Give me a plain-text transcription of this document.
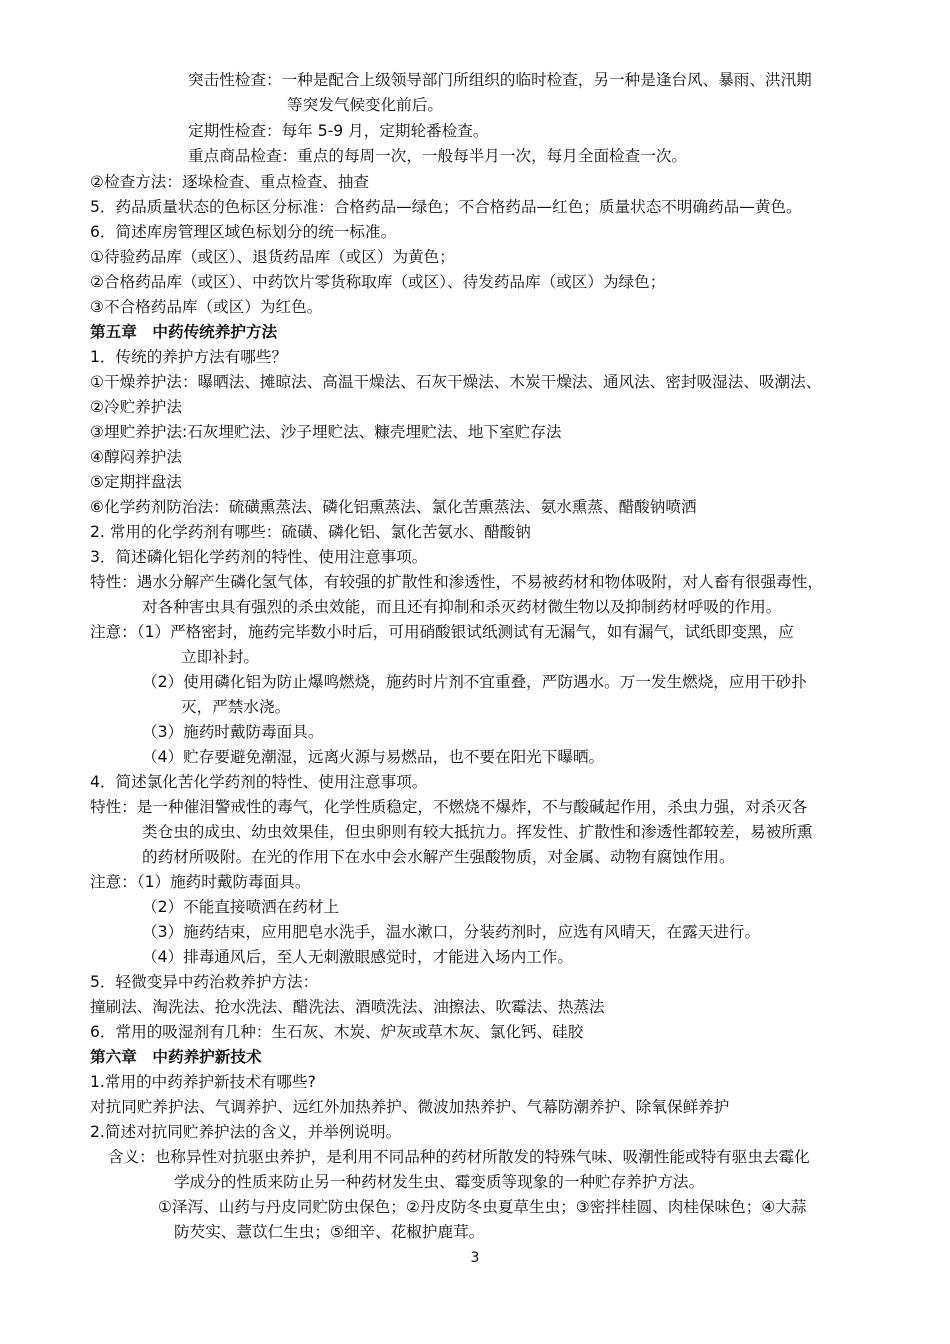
突击性检查：一种是配合上级领导部门所组织的临时检查，另一种是逢台风、暴雨、洪汛期
等突发气候变化前后。
定期性检查：每年 5-9 月，定期轮番检查。
重点商品检查：重点的每周一次，一般每半月一次，每月全面检查一次。
②检查方法：逐垛检查、重点检查、抽查
5．药品质量状态的色标区分标准：合格药品—绿色；不合格药品—红色；质量状态不明确药品—黄色。
6．简述库房管理区域色标划分的统一标准。
①待验药品库（或区）、退货药品库（或区）为黄色；
②合格药品库（或区）、中药饮片零货称取库（或区）、待发药品库（或区）为绿色；
③不合格药品库（或区）为红色。
第五章　中药传统养护方法
1．传统的养护方法有哪些？
①干燥养护法：曝晒法、摊晾法、高温干燥法、石灰干燥法、木炭干燥法、通风法、密封吸湿法、吸潮法、
②冷贮养护法
③埋贮养护法:石灰埋贮法、沙子埋贮法、糠壳埋贮法、地下室贮存法
④醇闷养护法
⑤定期拌盘法
⑥化学药剂防治法：硫磺熏蒸法、磷化铝熏蒸法、氯化苦熏蒸法、氨水熏蒸、醋酸钠喷洒
2. 常用的化学药剂有哪些：硫磺、磷化铝、氯化苦氨水、醋酸钠
3．简述磷化铝化学药剂的特性、使用注意事项。
特性：遇水分解产生磷化氢气体，有较强的扩散性和渗透性，不易被药材和物体吸附，对人畜有很强毒性，
对各种害虫具有强烈的杀虫效能，而且还有抑制和杀灭药材微生物以及抑制药材呼吸的作用。
注意：（1）严格密封，施药完毕数小时后，可用硝酸银试纸测试有无漏气，如有漏气，试纸即变黑，应
立即补封。
（2）使用磷化铝为防止爆鸣燃烧，施药时片剂不宜重叠，严防遇水。万一发生燃烧，应用干砂扑
灭，严禁水浇。
（3）施药时戴防毒面具。
（4）贮存要避免潮湿，远离火源与易燃品，也不要在阳光下曝晒。
4．简述氯化苦化学药剂的特性、使用注意事项。
特性：是一种催泪警戒性的毒气，化学性质稳定，不燃烧不爆炸，不与酸碱起作用，杀虫力强，对杀灭各
类仓虫的成虫、幼虫效果佳，但虫卵则有较大抵抗力。挥发性、扩散性和渗透性都较差，易被所熏
的药材所吸附。在光的作用下在水中会水解产生强酸物质，对金属、动物有腐蚀作用。
注意：（1）施药时戴防毒面具。
（2）不能直接喷洒在药材上
（3）施药结束，应用肥皂水洗手，温水漱口，分装药剂时，应选有风晴天，在露天进行。
（4）排毒通风后，至人无刺激眼感觉时，才能进入场内工作。
5．轻微变异中药治救养护方法：
撞刷法、淘洗法、抢水洗法、醋洗法、酒喷洗法、油擦法、吹霉法、热蒸法
6．常用的吸湿剂有几种：生石灰、木炭、炉灰或草木灰、氯化钙、硅胶
第六章　中药养护新技术
1.常用的中药养护新技术有哪些?
对抗同贮养护法、气调养护、远红外加热养护、微波加热养护、气幕防潮养护、除氧保鲜养护
2.简述对抗同贮养护法的含义，并举例说明。
含义：也称异性对抗驱虫养护，是利用不同品种的药材所散发的特殊气味、吸潮性能或特有驱虫去霉化
学成分的性质来防止另一种药材发生虫、霉变质等现象的一种贮存养护方法。
①泽泻、山药与丹皮同贮防虫保色；②丹皮防冬虫夏草生虫；③密拌桂圆、肉桂保味色；④大蒜
防芡实、薏苡仁生虫；⑤细辛、花椒护鹿茸。
3
